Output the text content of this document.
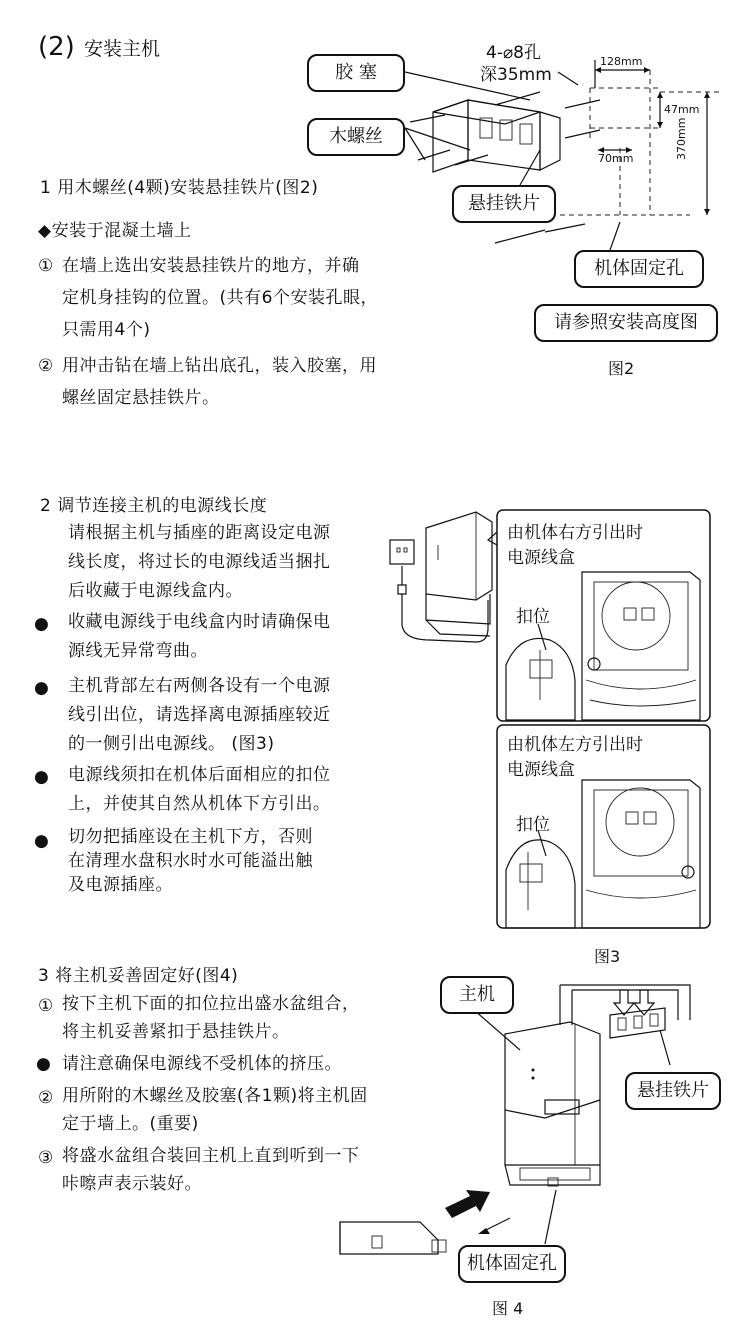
(2) 安装主机
1 用木螺丝(4颗)安装悬挂铁片(图2)
◆安装于混凝土墙上
① 在墙上选出安装悬挂铁片的地方，并确
定机身挂钩的位置。(共有6个安装孔眼，
只需用4个)
② 用冲击钻在墙上钻出底孔，装入胶塞，用
螺丝固定悬挂铁片。
胶 塞
木螺丝
4-⌀8孔
深35mm
128mm
47mm
70mm	370mm
悬挂铁片
机体固定孔
请参照安装高度图
图2
2 调节连接主机的电源线长度
请根据主机与插座的距离设定电源
线长度，将过长的电源线适当捆扎
后收藏于电源线盒内。
● 收藏电源线于电线盒内时请确保电
源线无异常弯曲。
● 主机背部左右两侧各设有一个电源
线引出位，请选择离电源插座较近
的一侧引出电源线。 (图3)
● 电源线须扣在机体后面相应的扣位
上，并使其自然从机体下方引出。
● 切勿把插座设在主机下方，否则
在清理水盘积水时水可能溢出触
及电源插座。
由机体右方引出时
电源线盒
扣位
由机体左方引出时
电源线盒
扣位
图3
3 将主机妥善固定好(图4)
① 按下主机下面的扣位拉出盛水盆组合，
将主机妥善紧扣于悬挂铁片。
● 请注意确保电源线不受机体的挤压。
② 用所附的木螺丝及胶塞(各1颗)将主机固
定于墙上。(重要)
③ 将盛水盆组合装回主机上直到听到一下
咔嚓声表示装好。
主机
悬挂铁片
机体固定孔
图 4
